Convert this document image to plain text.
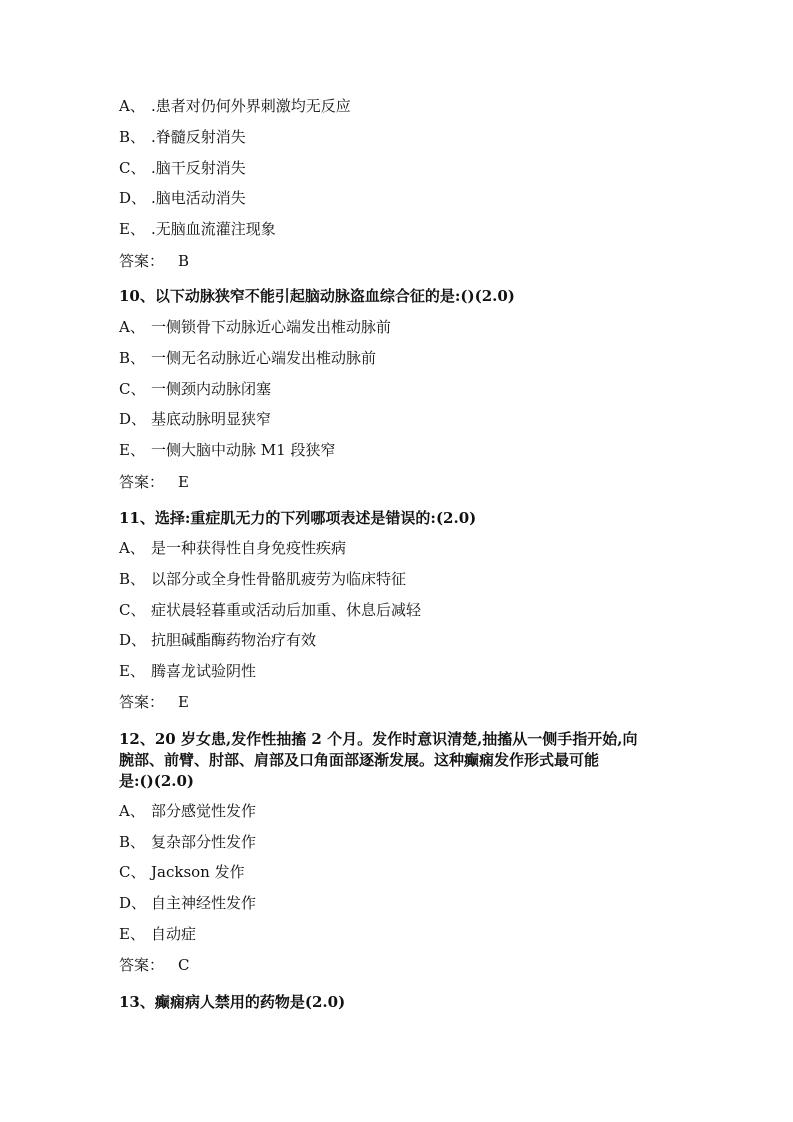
A、 .患者对仍何外界刺激均无反应
B、 .脊髓反射消失
C、 .脑干反射消失
D、 .脑电活动消失
E、 .无脑血流灌注现象
答案： B
10、以下动脉狭窄不能引起脑动脉盗血综合征的是:()(2.0)
A、 一侧锁骨下动脉近心端发出椎动脉前
B、 一侧无名动脉近心端发出椎动脉前
C、 一侧颈内动脉闭塞
D、 基底动脉明显狭窄
E、 一侧大脑中动脉 M1 段狭窄
答案： E
11、选择:重症肌无力的下列哪项表述是错误的:(2.0)
A、 是一种获得性自身免疫性疾病
B、 以部分或全身性骨骼肌疲劳为临床特征
C、 症状晨轻暮重或活动后加重、休息后减轻
D、 抗胆碱酯酶药物治疗有效
E、 腾喜龙试验阴性
答案： E
12、20 岁女患,发作性抽搐 2 个月。发作时意识清楚,抽搐从一侧手指开始,向
腕部、前臂、肘部、肩部及口角面部逐渐发展。这种癫痫发作形式最可能
是:()(2.0)
A、 部分感觉性发作
B、 复杂部分性发作
C、 Jackson 发作
D、 自主神经性发作
E、 自动症
答案： C
13、癫痫病人禁用的药物是(2.0)
